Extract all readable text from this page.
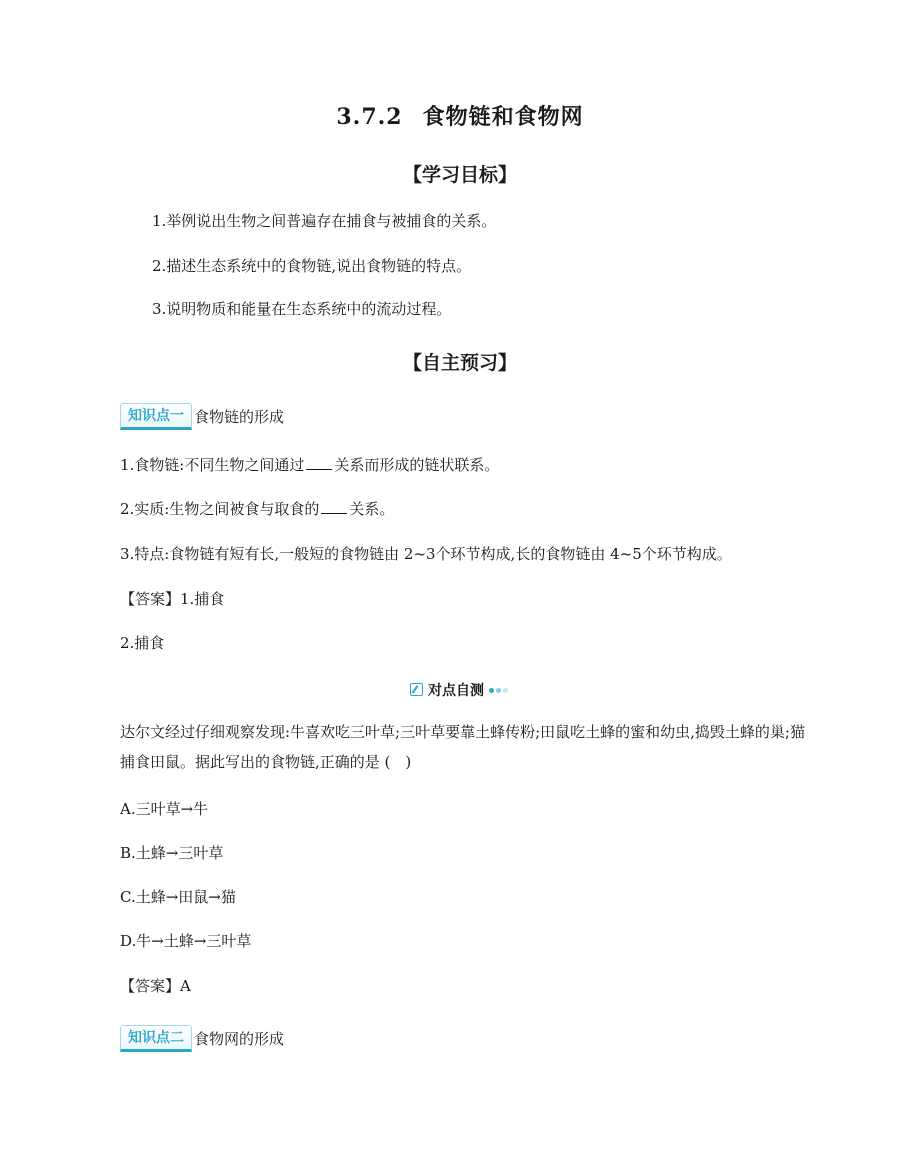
3.7.2 食物链和食物网
【学习目标】
1.举例说出生物之间普遍存在捕食与被捕食的关系。
2.描述生态系统中的食物链,说出食物链的特点。
3.说明物质和能量在生态系统中的流动过程。
【自主预习】
知识点一 食物链的形成
1.食物链:不同生物之间通过 关系而形成的链状联系。
2.实质:生物之间被食与取食的 关系。
3.特点:食物链有短有长,一般短的食物链由 2~3个环节构成,长的食物链由 4~5个环节构成。
【答案】1.捕食
2.捕食
对点自测
达尔文经过仔细观察发现:牛喜欢吃三叶草;三叶草要靠土蜂传粉;田鼠吃土蜂的蜜和幼虫,捣毁土蜂的巢;猫捕食田鼠。据此写出的食物链,正确的是 (　)
A.三叶草→牛
B.土蜂→三叶草
C.土蜂→田鼠→猫
D.牛→土蜂→三叶草
【答案】A
知识点二 食物网的形成
